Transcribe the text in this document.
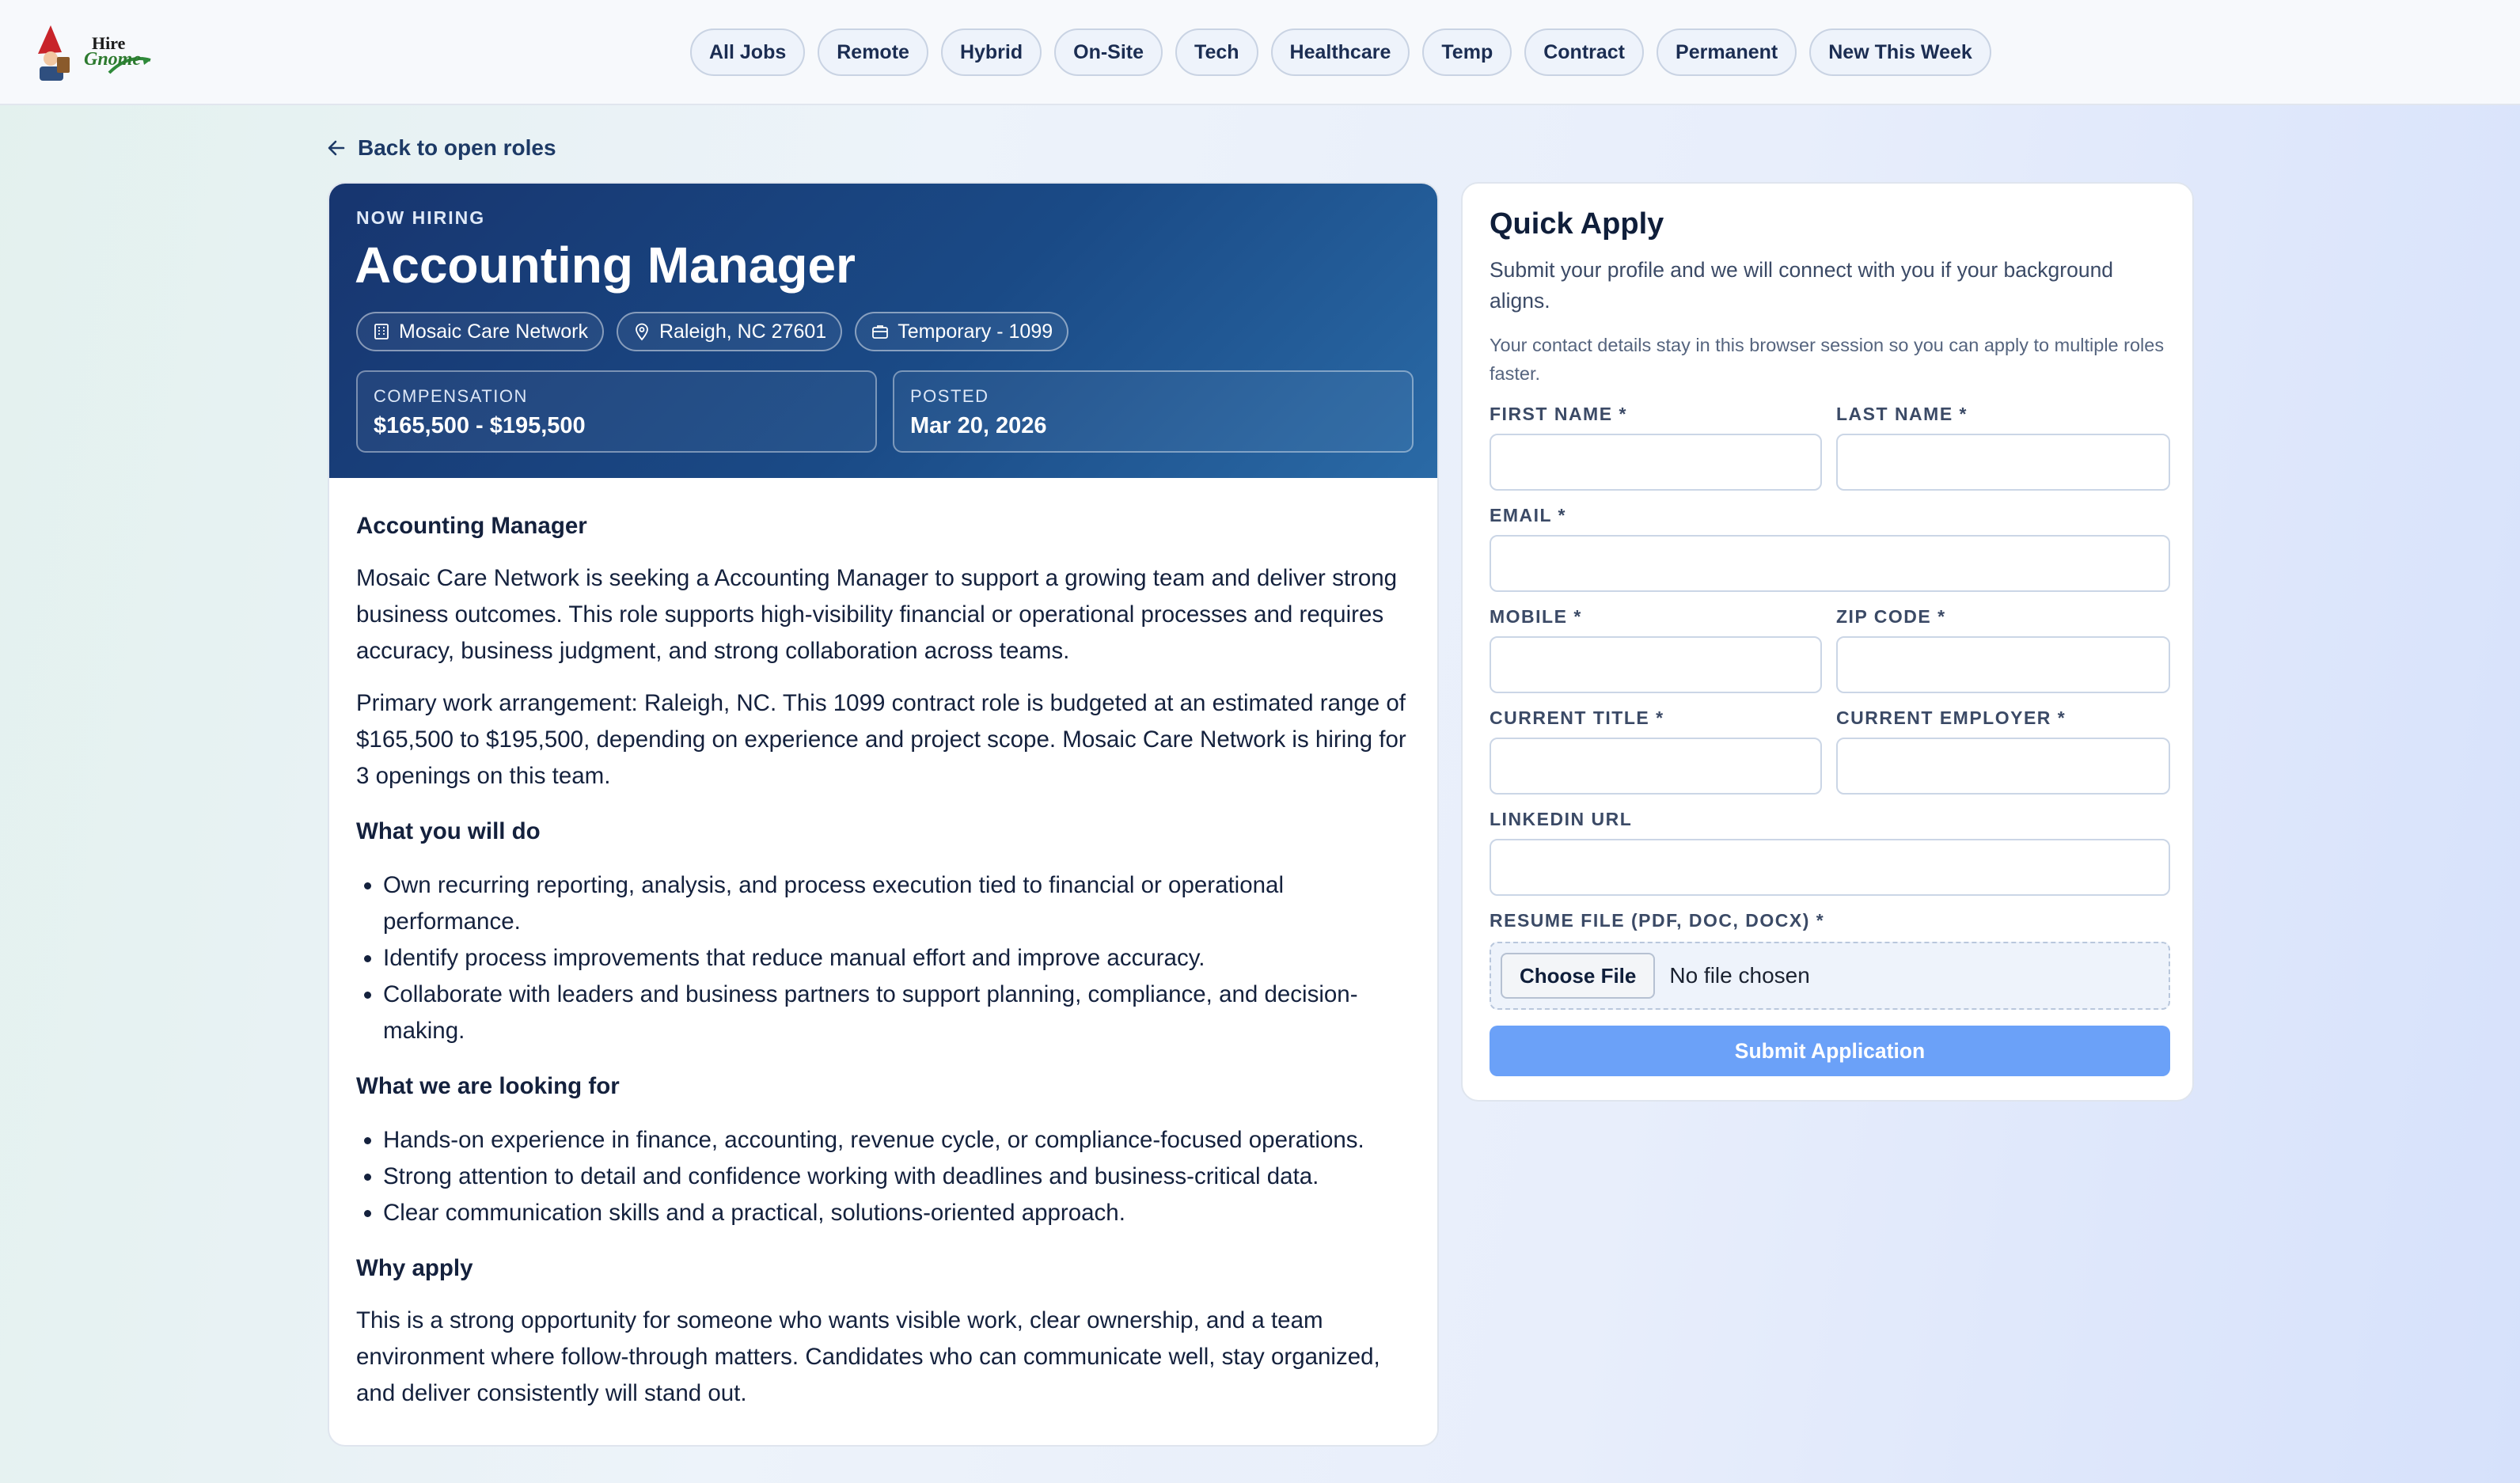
Hire
Gnome	All Jobs	Remote	Hybrid	On-Site	Tech	Healthcare	Temp	Contract	Permanent	New This Week
Back to open roles
NOW HIRING
Accounting Manager
Mosaic Care Network	Raleigh, NC 27601	Temporary - 1099
COMPENSATION
$165,500 - $195,500
POSTED
Mar 20, 2026
Accounting Manager

Mosaic Care Network is seeking a Accounting Manager to support a growing team and deliver strong business outcomes. This role supports high-visibility financial or operational processes and requires accuracy, business judgment, and strong collaboration across teams.

Primary work arrangement: Raleigh, NC. This 1099 contract role is budgeted at an estimated range of $165,500 to $195,500, depending on experience and project scope. Mosaic Care Network is hiring for 3 openings on this team.

What you will do
• Own recurring reporting, analysis, and process execution tied to financial or operational performance.
• Identify process improvements that reduce manual effort and improve accuracy.
• Collaborate with leaders and business partners to support planning, compliance, and decision-making.
What we are looking for
• Hands-on experience in finance, accounting, revenue cycle, or compliance-focused operations.
• Strong attention to detail and confidence working with deadlines and business-critical data.
• Clear communication skills and a practical, solutions-oriented approach.
Why apply

This is a strong opportunity for someone who wants visible work, clear ownership, and a team environment where follow-through matters. Candidates who can communicate well, stay organized, and deliver consistently will stand out.

Quick Apply
Submit your profile and we will connect with you if your background aligns.
Your contact details stay in this browser session so you can apply to multiple roles faster.
FIRST NAME *	LAST NAME *
EMAIL *
MOBILE *	ZIP CODE *
CURRENT TITLE *	CURRENT EMPLOYER *
LINKEDIN URL
RESUME FILE (PDF, DOC, DOCX) *
Choose File	No file chosen
Submit Application
